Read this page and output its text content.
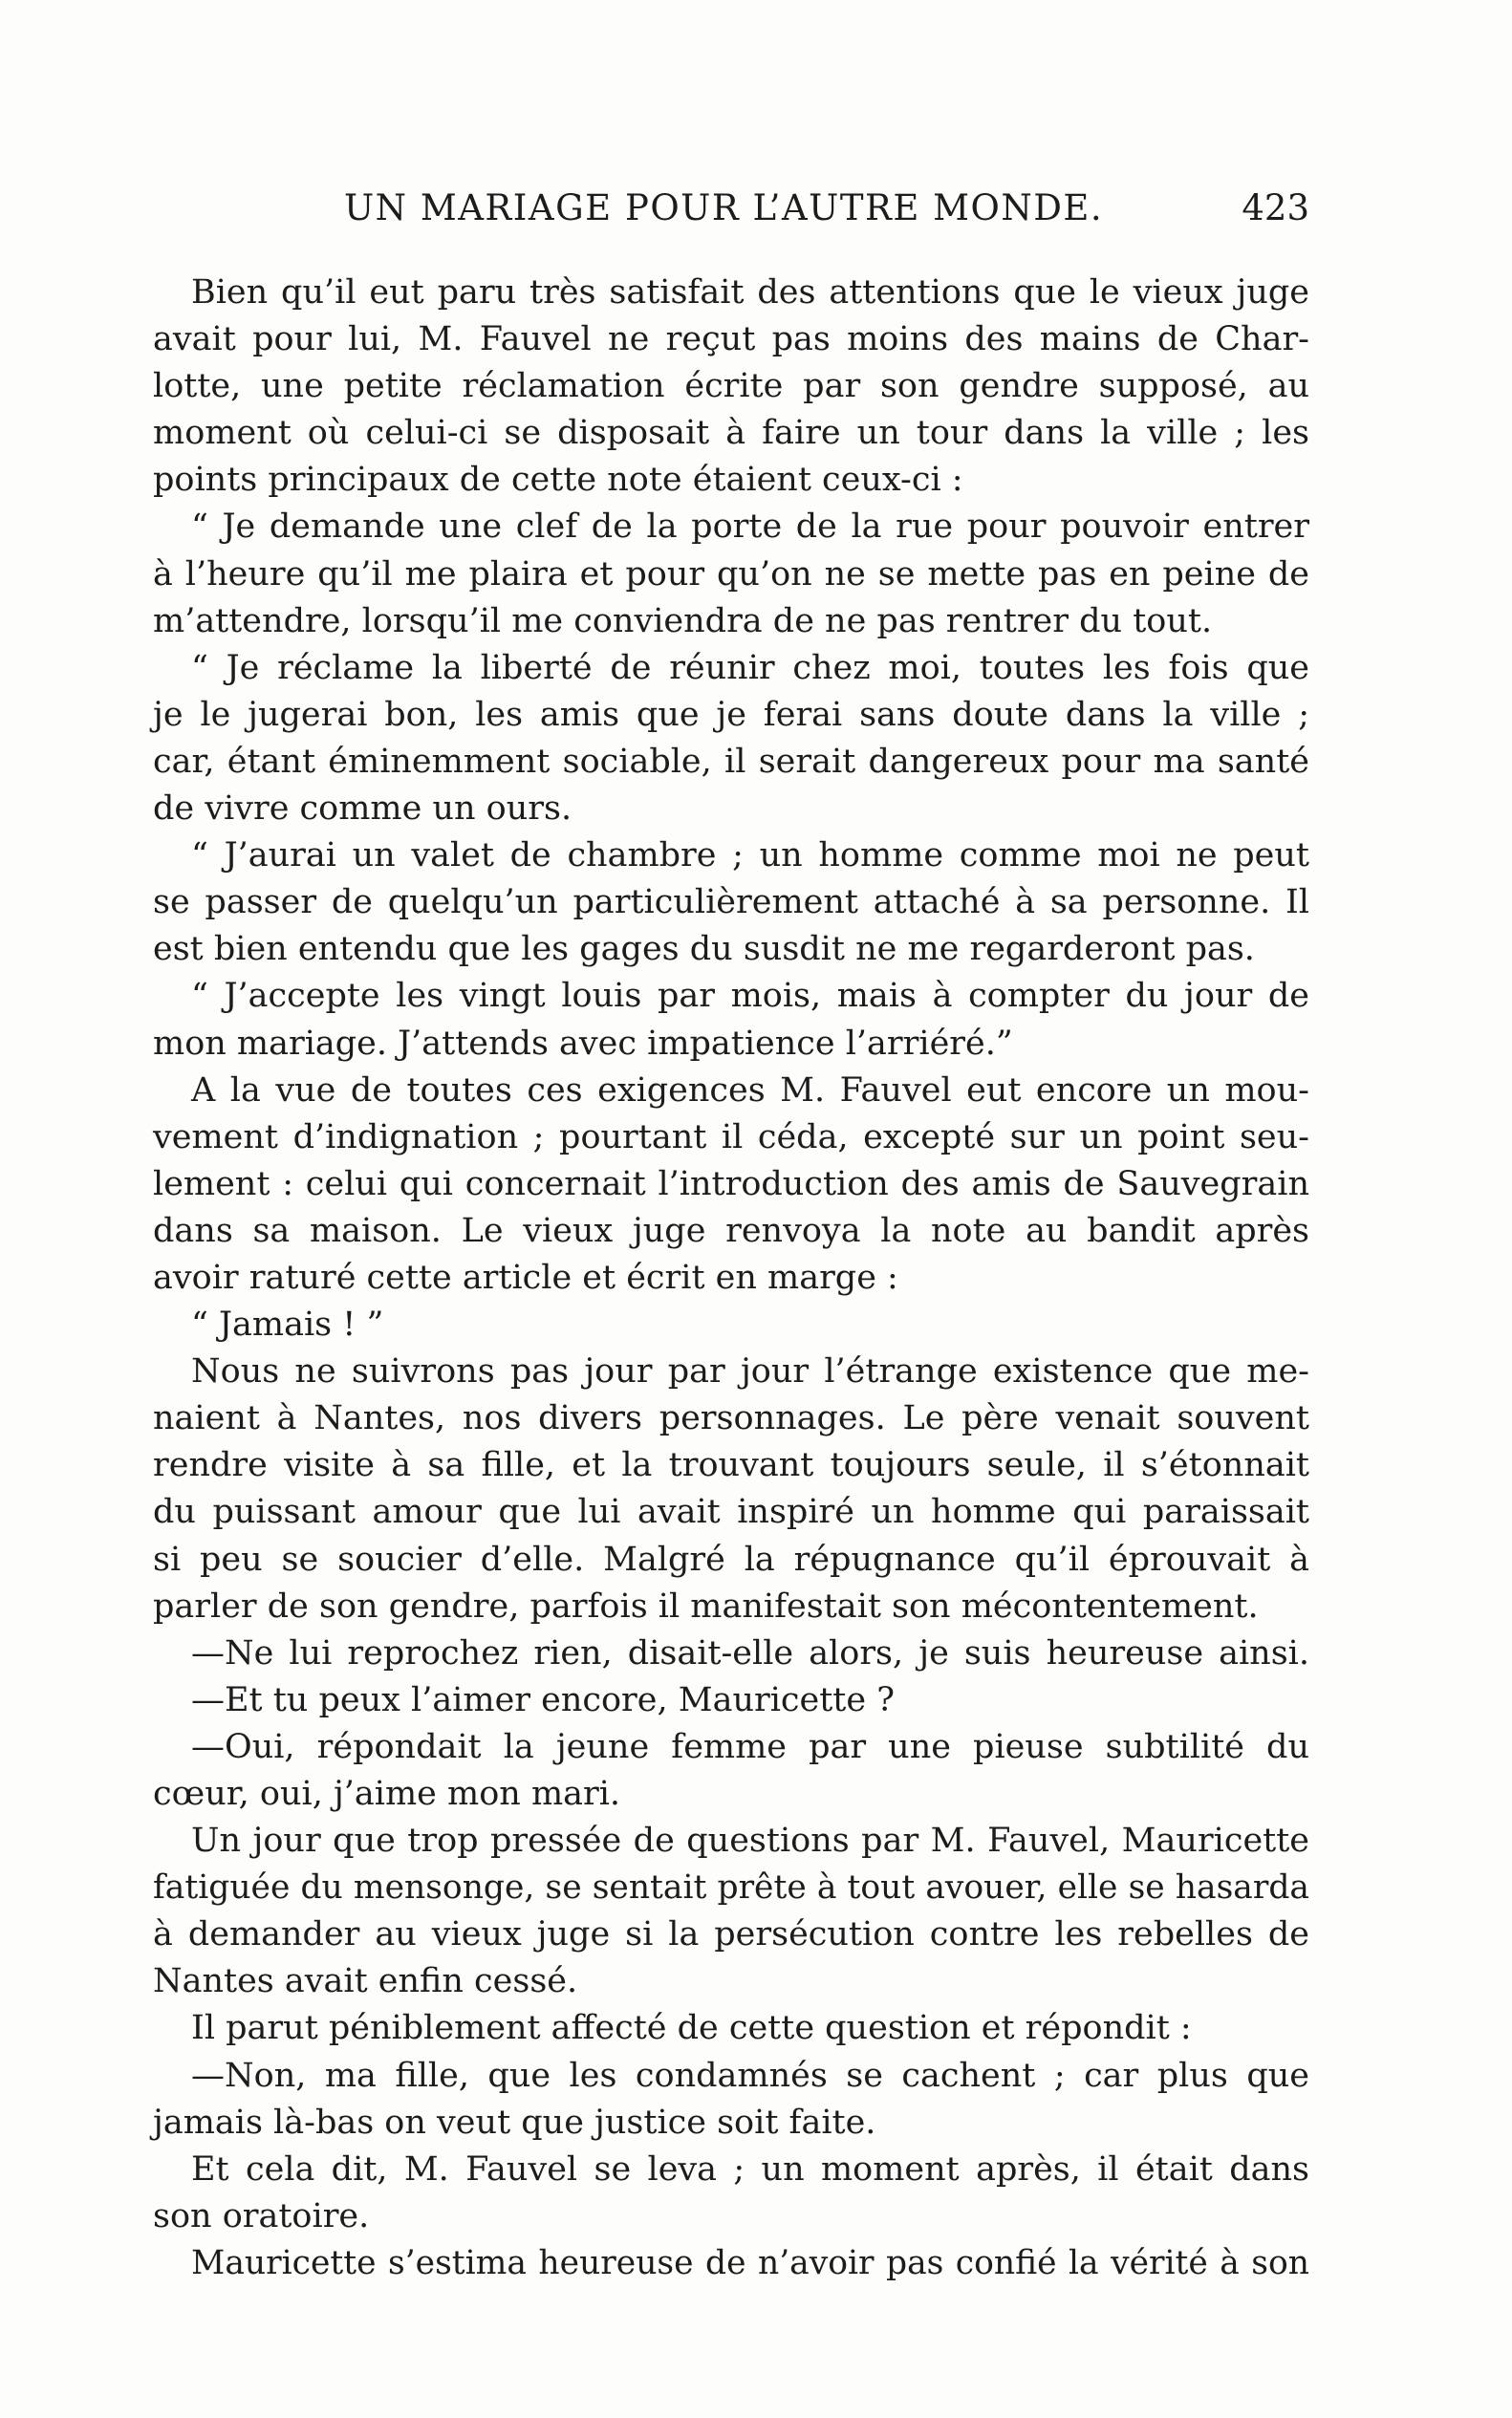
UN MARIAGE POUR L’AUTRE MONDE.	423
Bien qu’il eut paru très satisfait des attentions que le vieux juge
avait pour lui, M. Fauvel ne reçut pas moins des mains de Char-
lotte, une petite réclamation écrite par son gendre supposé, au
moment où celui-ci se disposait à faire un tour dans la ville ; les
points principaux de cette note étaient ceux-ci :
“ Je demande une clef de la porte de la rue pour pouvoir entrer
à l’heure qu’il me plaira et pour qu’on ne se mette pas en peine de
m’attendre, lorsqu’il me conviendra de ne pas rentrer du tout.
“ Je réclame la liberté de réunir chez moi, toutes les fois que
je le jugerai bon, les amis que je ferai sans doute dans la ville ;
car, étant éminemment sociable, il serait dangereux pour ma santé
de vivre comme un ours.
“ J’aurai un valet de chambre ; un homme comme moi ne peut
se passer de quelqu’un particulièrement attaché à sa personne. Il
est bien entendu que les gages du susdit ne me regarderont pas.
“ J’accepte les vingt louis par mois, mais à compter du jour de
mon mariage. J’attends avec impatience l’arriéré.”
A la vue de toutes ces exigences M. Fauvel eut encore un mou-
vement d’indignation ; pourtant il céda, excepté sur un point seu-
lement : celui qui concernait l’introduction des amis de Sauvegrain
dans sa maison. Le vieux juge renvoya la note au bandit après
avoir raturé cette article et écrit en marge :
“ Jamais ! ”
Nous ne suivrons pas jour par jour l’étrange existence que me-
naient à Nantes, nos divers personnages. Le père venait souvent
rendre visite à sa fille, et la trouvant toujours seule, il s’étonnait
du puissant amour que lui avait inspiré un homme qui paraissait
si peu se soucier d’elle. Malgré la répugnance qu’il éprouvait à
parler de son gendre, parfois il manifestait son mécontentement.
—Ne lui reprochez rien, disait-elle alors, je suis heureuse ainsi.
—Et tu peux l’aimer encore, Mauricette ?
—Oui, répondait la jeune femme par une pieuse subtilité du
cœur, oui, j’aime mon mari.
Un jour que trop pressée de questions par M. Fauvel, Mauricette
fatiguée du mensonge, se sentait prête à tout avouer, elle se hasarda
à demander au vieux juge si la persécution contre les rebelles de
Nantes avait enfin cessé.
Il parut péniblement affecté de cette question et répondit :
—Non, ma fille, que les condamnés se cachent ; car plus que
jamais là-bas on veut que justice soit faite.
Et cela dit, M. Fauvel se leva ; un moment après, il était dans
son oratoire.
Mauricette s’estima heureuse de n’avoir pas confié la vérité à son
